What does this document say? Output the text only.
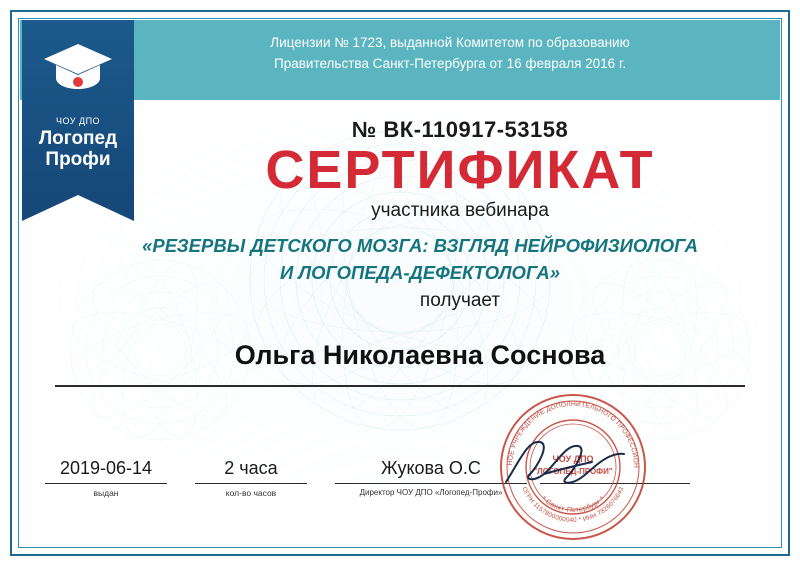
Лицензии № 1723, выданной Комитетом по образованию
Правительства Санкт-Петербурга от 16 февраля 2016 г.
ЧОУ ДПО
Логопед
Профи
№ ВК-110917-53158
СЕРТИФИКАТ
участника вебинара
«РЕЗЕРВЫ ДЕТСКОГО МОЗГА: ВЗГЛЯД НЕЙРОФИЗИОЛОГА
И ЛОГОПЕДА-ДЕФЕКТОЛОГА»
получает
Ольга Николаевна Соснова
2019-06-14
выдан
2 часа
кол-во часов
Жукова О.С
Директор ЧОУ ДПО «Логопед-Профи»

НОЕ УЧРЕЖДЕНИЕ ДОПОЛНИТЕЛЬНОГО ПРОФЕССИОН
ОГРН 1157800000040 * ИНН 7826076643
* Санкт-Петербург *
ЧОУ ДПО
"ЛОГОПЕД-ПРОФИ"
